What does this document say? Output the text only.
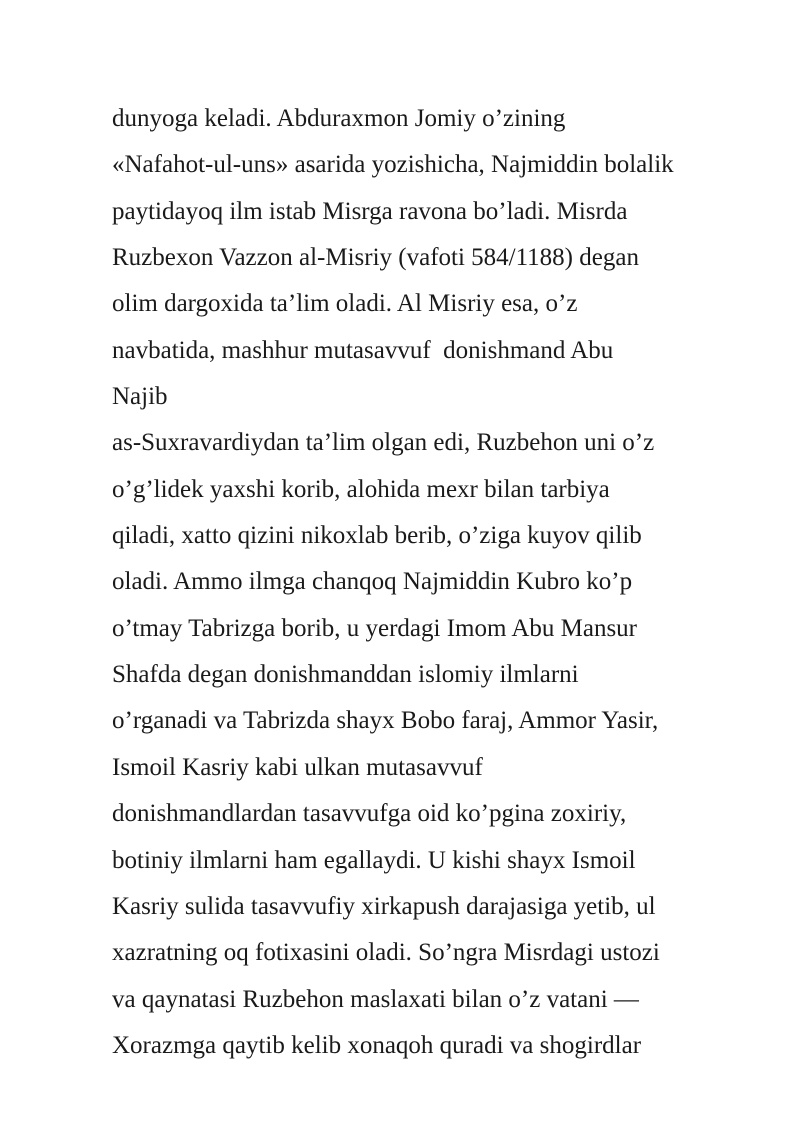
dunyoga keladi. Abduraxmon Jomiy o’zining
«Nafahot-ul-uns» asarida yozishicha, Najmiddin bolalik
paytidayoq ilm istab Misrga ravona bo’ladi. Misrda
Ruzbexon Vazzon al-Misriy (vafoti 584/1188) degan
olim dargoxida ta’lim oladi. Al Misriy esa, o’z
navbatida, mashhur mutasavvuf  donishmand Abu
Najib
as-Suxravardiydan ta’lim olgan edi, Ruzbehon uni o’z
o’g’lidek yaxshi korib, alohida mexr bilan tarbiya
qiladi, xatto qizini nikoxlab berib, o’ziga kuyov qilib
oladi. Ammo ilmga chanqoq Najmiddin Kubro ko’p
o’tmay Tabrizga borib, u yerdagi Imom Abu Mansur
Shafda degan donishmanddan islomiy ilmlarni
o’rganadi va Tabrizda shayx Bobo faraj, Ammor Yasir,
Ismoil Kasriy kabi ulkan mutasavvuf
donishmandlardan tasavvufga oid ko’pgina zoxiriy,
botiniy ilmlarni ham egallaydi. U kishi shayx Ismoil
Kasriy sulida tasavvufiy xirkapush darajasiga yetib, ul
xazratning oq fotixasini oladi. So’ngra Misrdagi ustozi
va qaynatasi Ruzbehon maslaxati bilan o’z vatani —
Xorazmga qaytib kelib xonaqoh quradi va shogirdlar
